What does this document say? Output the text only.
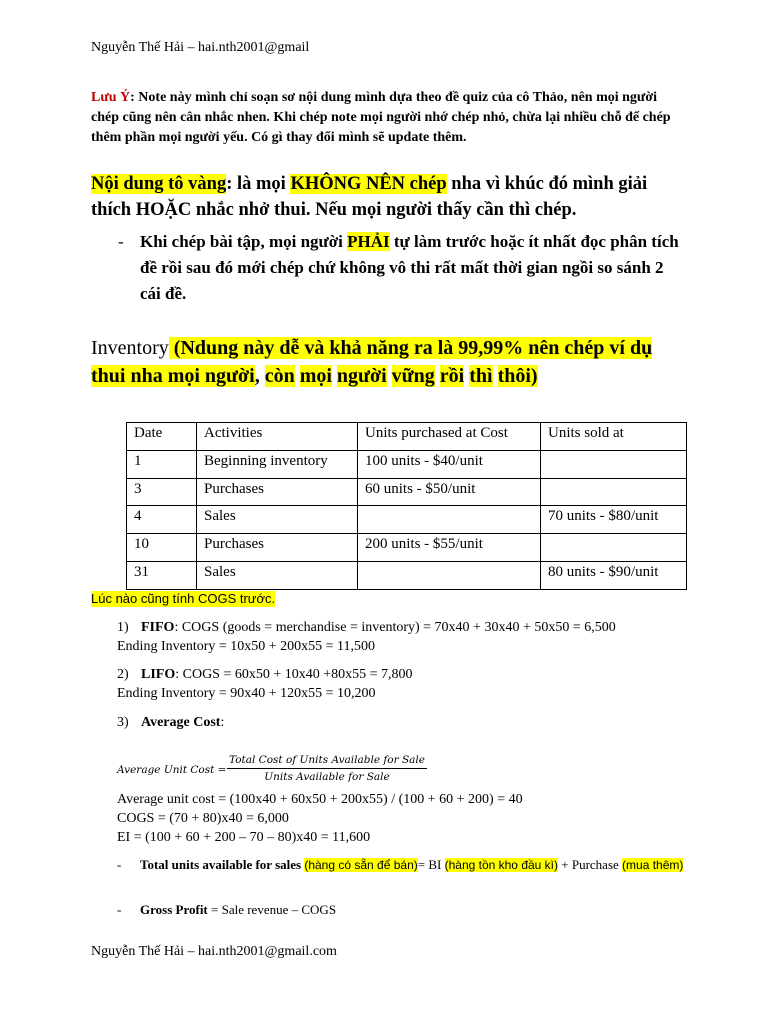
Nguyễn Thế Hải – hai.nth2001@gmail
Lưu Ý: Note này mình chỉ soạn sơ nội dung mình dựa theo đề quiz của cô Thảo, nên mọi người chép cũng nên cân nhắc nhen. Khi chép note mọi người nhớ chép nhỏ, chừa lại nhiều chỗ để chép thêm phần mọi người yếu. Có gì thay đổi mình sẽ update thêm.
Nội dung tô vàng: là mọi KHÔNG NÊN chép nha vì khúc đó mình giải thích HOẶC nhắc nhở thui. Nếu mọi người thấy cần thì chép.
- Khi chép bài tập, mọi người PHẢI tự làm trước hoặc ít nhất đọc phân tích đề rồi sau đó mới chép chứ không vô thi rất mất thời gian ngồi so sánh 2 cái đề.
Inventory (Ndung này dễ và khả năng ra là 99,99% nên chép ví dụ thui nha mọi người, còn mọi người vững rồi thì thôi)
Date	Activities	Units purchased at Cost	Units sold at
1	Beginning inventory	100 units - $40/unit	
3	Purchases	60 units - $50/unit	
4	Sales		70 units - $80/unit
10	Purchases	200 units - $55/unit	
31	Sales		80 units - $90/unit
Lúc nào cũng tính COGS trước.
1) FIFO: COGS (goods = merchandise = inventory) = 70x40 + 30x40 + 50x50 = 6,500
Ending Inventory = 10x50 + 200x55 = 11,500
2) LIFO: COGS = 60x50 + 10x40 +80x55 = 7,800
Ending Inventory = 90x40 + 120x55 = 10,200
3) Average Cost:
Average Unit Cost =
Total Cost of Units Available for Sale
Units Available for Sale
Average unit cost = (100x40 + 60x50 + 200x55) / (100 + 60 + 200) = 40
COGS = (70 + 80)x40 = 6,000
EI = (100 + 60 + 200 – 70 – 80)x40 = 11,600
- Total units available for sales (hàng có sẵn để bán)= BI (hàng tồn kho đầu kì) + Purchase (mua thêm)
- Gross Profit = Sale revenue – COGS
Nguyễn Thế Hải – hai.nth2001@gmail.com
